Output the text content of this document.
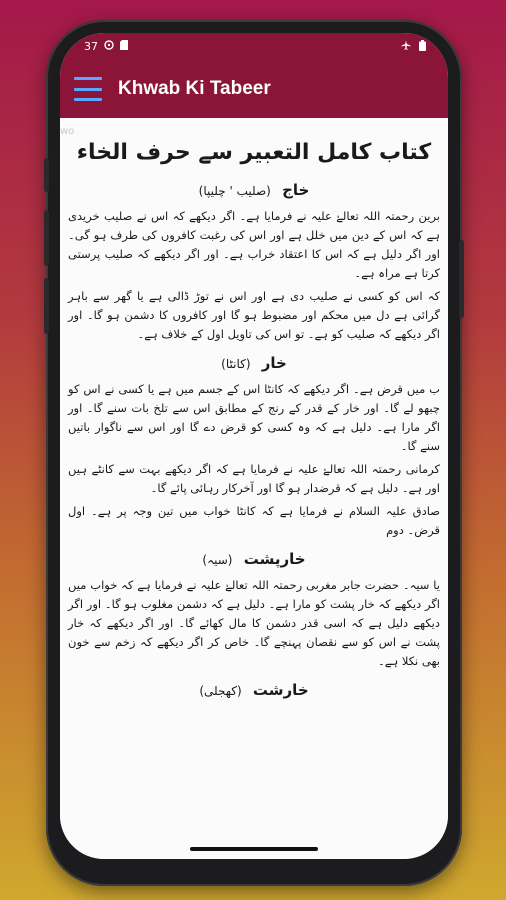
37
Khwab Ki Tabeer
wo
کتاب کامل التعبیر سے حرف الخاء
خاج (صلیب ' چلیپا)

برین رحمتہ اللہ تعالےٰ علیہ نے فرمایا ہے۔ اگر دیکھے کہ اس نے صلیب خریدی ہے کہ اس کے دین میں خلل ہے اور اس کی رغبت کافروں کی طرف ہو گی۔ اور اگر دلیل ہے کہ اس کا اعتقاد خراب ہے۔ اور اگر دیکھے کہ صلیب پرستی کرتا ہے مراہ ہے۔

کہ اس کو کسی نے صلیب دی ہے اور اس نے توڑ ڈالی ہے یا گھر سے باہر گرائی ہے دل میں محکم اور مضبوط ہو گا اور کافروں کا دشمن ہو گا۔ اور اگر دیکھے کہ صلیب کو ہے۔ تو اس کی تاویل اول کے خلاف ہے۔

خار (کانٹا)

ب میں قرض ہے۔ اگر دیکھے کہ کانٹا اس کے جسم میں ہے یا کسی نے اس کو چبھو لے گا۔ اور خار کے قدر کے رنج کے مطابق اس سے تلخ بات سنے گا۔ اور اگر مارا ہے۔ دلیل ہے کہ وہ کسی کو قرض دے گا اور اس سے ناگوار باتیں سنے گا۔

کرمانی رحمتہ اللہ تعالےٰ علیہ نے فرمایا ہے کہ اگر دیکھے بہت سے کانٹے ہیں اور ہے۔ دلیل ہے کہ قرضدار ہو گا اور آخرکار رہائی پائے گا۔

صادق علیہ السلام نے فرمایا ہے کہ کانٹا خواب میں تین وجہ پر ہے۔ اول قرض۔ دوم

خارپشت (سیہ)

یا سیہ۔ حضرت جابر مغربی رحمتہ اللہ تعالےٰ علیہ نے فرمایا ہے کہ خواب میں اگر دیکھے کہ خار پشت کو مارا ہے۔ دلیل ہے کہ دشمن مغلوب ہو گا۔ اور اگر دیکھے دلیل ہے کہ اسی قدر دشمن کا مال کھائے گا۔ اور اگر دیکھے کہ خار پشت نے اس کو سے نقصان پہنچے گا۔ خاص کر اگر دیکھے کہ زخم سے خون بھی نکلا ہے۔

خارشت (کھجلی)
